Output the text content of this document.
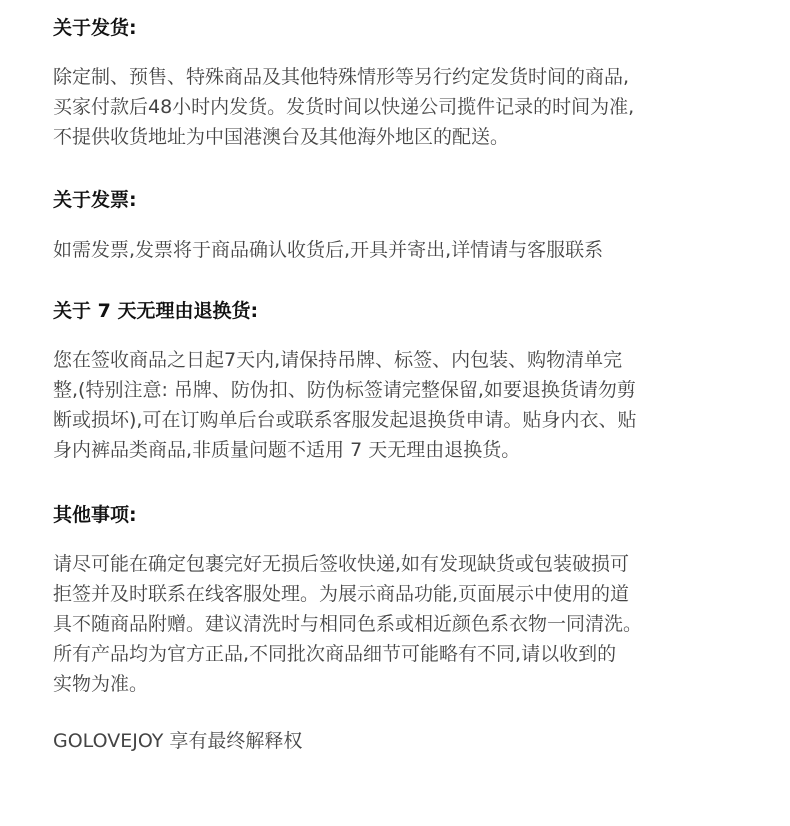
关于发货:
除定制、预售、特殊商品及其他特殊情形等另行约定发货时间的商品,
买家付款后48小时内发货。发货时间以快递公司揽件记录的时间为准,
不提供收货地址为中国港澳台及其他海外地区的配送。
关于发票:
如需发票,发票将于商品确认收货后,开具并寄出,详情请与客服联系
关于 7 天无理由退换货:
您在签收商品之日起7天内,请保持吊牌、标签、内包装、购物清单完
整,(特别注意: 吊牌、防伪扣、防伪标签请完整保留,如要退换货请勿剪
断或损坏),可在订购单后台或联系客服发起退换货申请。贴身内衣、贴
身内裤品类商品,非质量问题不适用 7 天无理由退换货。
其他事项:
请尽可能在确定包裹完好无损后签收快递,如有发现缺货或包装破损可
拒签并及时联系在线客服处理。为展示商品功能,页面展示中使用的道
具不随商品附赠。建议清洗时与相同色系或相近颜色系衣物一同清洗。
所有产品均为官方正品,不同批次商品细节可能略有不同,请以收到的
实物为准。
GOLOVEJOY 享有最终解释权
